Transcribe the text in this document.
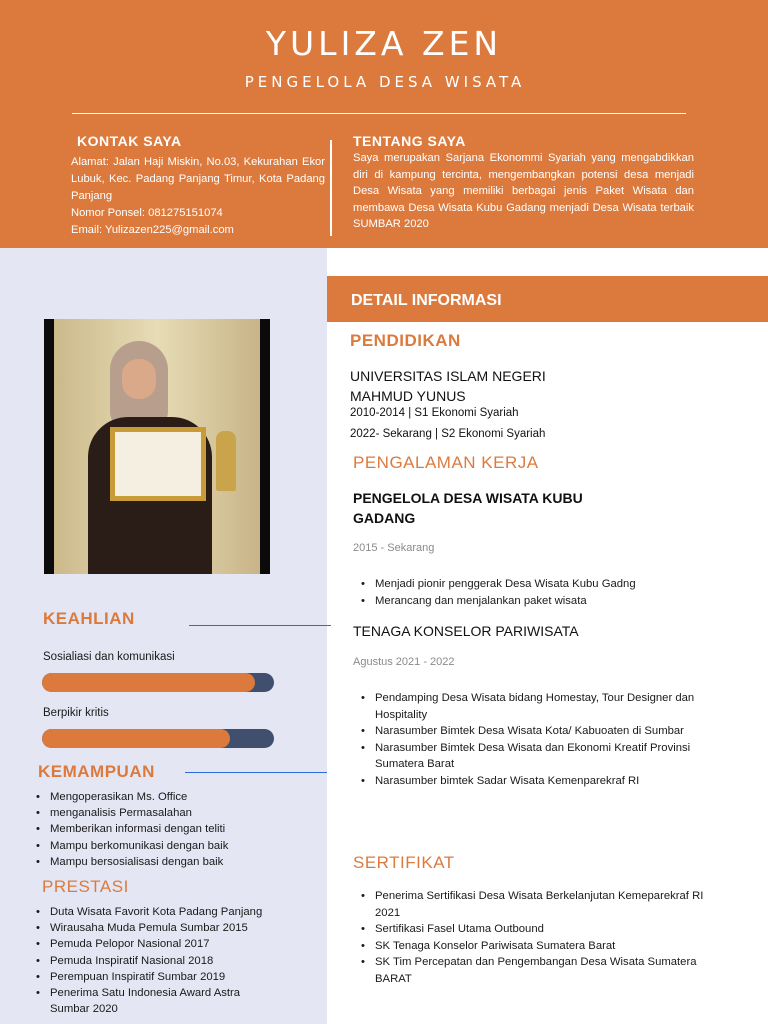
YULIZA ZEN
PENGELOLA DESA WISATA
KONTAK SAYA
Alamat: Jalan Haji Miskin, No.03, Kekurahan Ekor Lubuk, Kec. Padang Panjang Timur, Kota Padang Panjang
Nomor Ponsel: 081275151074
Email: Yulizazen225@gmail.com
TENTANG SAYA
Saya merupakan Sarjana Ekonommi Syariah yang mengabdikkan diri di kampung tercinta, mengembangkan potensi desa menjadi Desa Wisata yang memiliki berbagai jenis Paket Wisata dan membawa Desa Wisata Kubu Gadang menjadi Desa Wisata terbaik SUMBAR 2020
KEAHLIAN
Sosialiasi dan komunikasi
Berpikir kritis
KEMAMPUAN
• Mengoperasikan Ms. Office
• menganalisis Permasalahan
• Memberikan informasi dengan teliti
• Mampu berkomunikasi dengan baik
• Mampu bersosialisasi dengan baik
PRESTASI
• Duta Wisata Favorit Kota Padang Panjang
• Wirausaha Muda Pemula Sumbar 2015
• Pemuda Pelopor Nasional 2017
• Pemuda Inspiratif Nasional 2018
• Perempuan Inspiratif Sumbar 2019
• Penerima Satu Indonesia Award Astra Sumbar 2020
DETAIL INFORMASI
PENDIDIKAN
UNIVERSITAS ISLAM NEGERI MAHMUD YUNUS
2010-2014 | S1 Ekonomi Syariah
2022- Sekarang | S2 Ekonomi Syariah
PENGALAMAN KERJA
PENGELOLA DESA WISATA KUBU GADANG
2015 - Sekarang
• Menjadi pionir penggerak Desa Wisata Kubu Gadng
• Merancang dan menjalankan paket wisata
TENAGA KONSELOR PARIWISATA
Agustus 2021 - 2022
• Pendamping Desa Wisata bidang Homestay, Tour Designer dan Hospitality
• Narasumber Bimtek Desa Wisata Kota/ Kabuoaten di Sumbar
• Narasumber Bimtek Desa Wisata dan Ekonomi Kreatif Provinsi Sumatera Barat
• Narasumber bimtek Sadar Wisata Kemenparekraf RI
SERTIFIKAT
• Penerima Sertifikasi Desa Wisata Berkelanjutan Kemeparekraf RI 2021
• Sertifikasi Fasel Utama Outbound
• SK Tenaga Konselor Pariwisata Sumatera Barat
• SK Tim Percepatan dan Pengembangan Desa Wisata Sumatera BARAT
